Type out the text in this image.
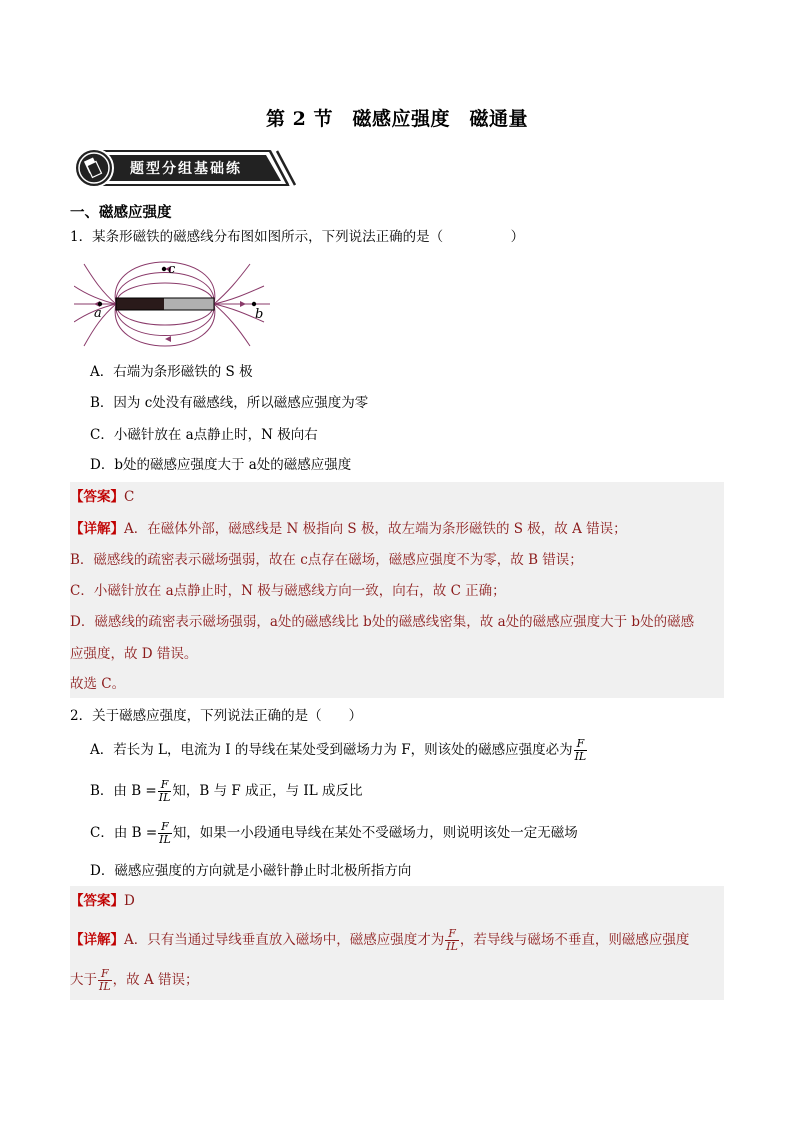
第 2 节　磁感应强度　磁通量
题型分组基础练
一、磁感应强度
1．某条形磁铁的磁感线分布图如图所示，下列说法正确的是（　　　　　）
a	b
c
A．右端为条形磁铁的 S 极
B．因为 c处没有磁感线，所以磁感应强度为零
C．小磁针放在 a点静止时，N 极向右
D．b处的磁感应强度大于 a处的磁感应强度
【答案】C
【详解】A．在磁体外部，磁感线是 N 极指向 S 极，故左端为条形磁铁的 S 极，故 A 错误；
B．磁感线的疏密表示磁场强弱，故在 c点存在磁场，磁感应强度不为零，故 B 错误；
C．小磁针放在 a点静止时，N 极与磁感线方向一致，向右，故 C 正确；
D．磁感线的疏密表示磁场强弱，a处的磁感线比 b处的磁感线密集，故 a处的磁感应强度大于 b处的磁感
应强度，故 D 错误。
故选 C。
2．关于磁感应强度，下列说法正确的是（　　）
A．若长为 L，电流为 I 的导线在某处受到磁场力为 F，则该处的磁感应强度必为 $\frac{F}{IL}$
B．由 $B = \frac{F}{IL}$ 知，B 与 F 成正，与 IL 成反比
C．由 $B = \frac{F}{IL}$ 知，如果一小段通电导线在某处不受磁场力，则说明该处一定无磁场
D．磁感应强度的方向就是小磁针静止时北极所指方向
【答案】D
【详解】A．只有当通过导线垂直放入磁场中，磁感应强度才为 $\frac{F}{IL}$ ，若导线与磁场不垂直，则磁感应强度
大于 $\frac{F}{IL}$ ，故 A 错误；
